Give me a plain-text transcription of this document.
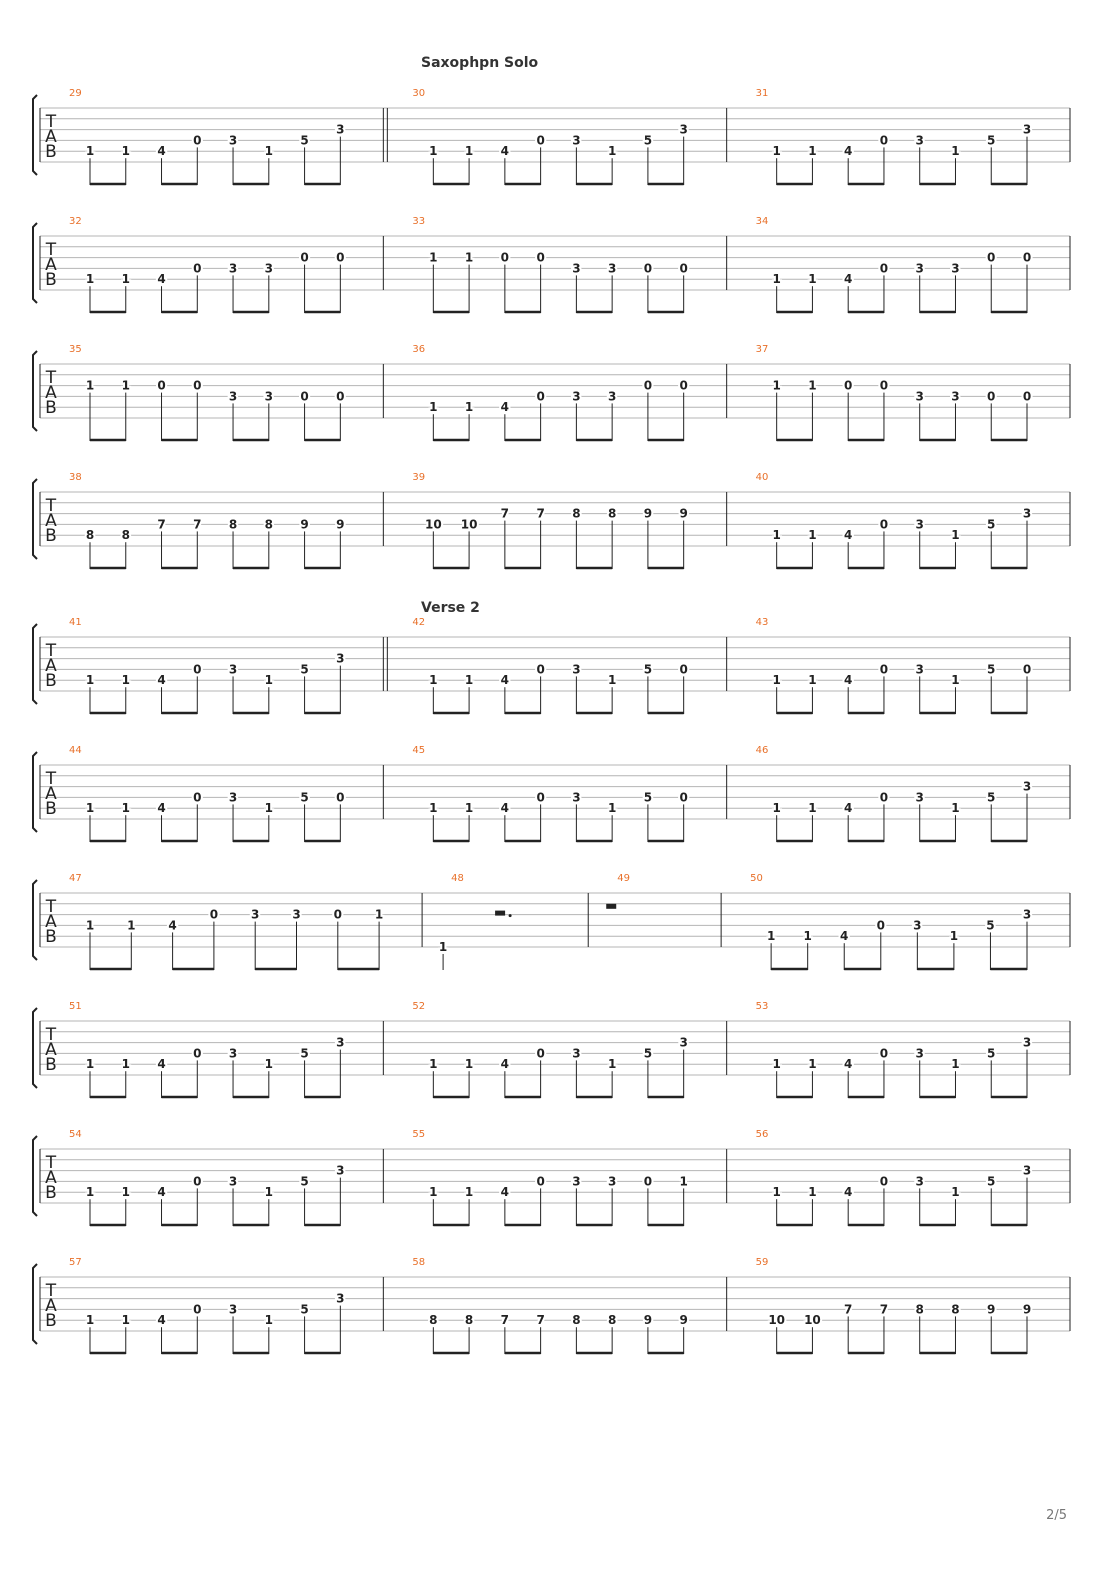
T
A
B
29
1 1 4
0 3
1
5
3
30
1 1 4
0 3
1
5
3
31
1 1 4
0 3
1
5
3
T
A
B
32
1 1 4
0 3 3
0 0
33
1 1 0 0
3 3 0 0
34
1 1 4
0 3 3
0 0
T
A
B
35
1 1 0 0
3 3 0 0
36
1 1 4
0 3 3
0 0
37
1 1 0 0
3 3 0 0
T
A
B
38
8 8
7 7 8 8 9 9
39
10 10
7 7 8 8 9 9
40
1 1 4
0 3
1
5
3
T
A
B
41
1 1 4
0 3
1
5
3
42
1 1 4
0 3
1
5 0
43
1 1 4
0 3
1
5 0
T
A
B
44
1 1 4
0 3
1
5 0
45
1 1 4
0 3
1
5 0
46
1 1 4
0 3
1
5
3
T
A
B
47
1	1	4
0	3	3	0	1
48
1
49	50
1 1 4
0 3
1
5
3
T
A
B
51
1 1 4
0 3
1
5
3
52
1 1 4
0 3
1
5
3
53
1 1 4
0 3
1
5
3
T
A
B
54
1 1 4
0 3
1
5
3
55
1 1 4
0 3 3 0 1
56
1 1 4
0 3
1
5
3
T
A
B
57
1 1 4
0 3
1
5
3
58
8 8 7 7 8 8 9 9
59
10 10
7 7 8 8 9 9
Saxophpn Solo
Verse 2
2/5
